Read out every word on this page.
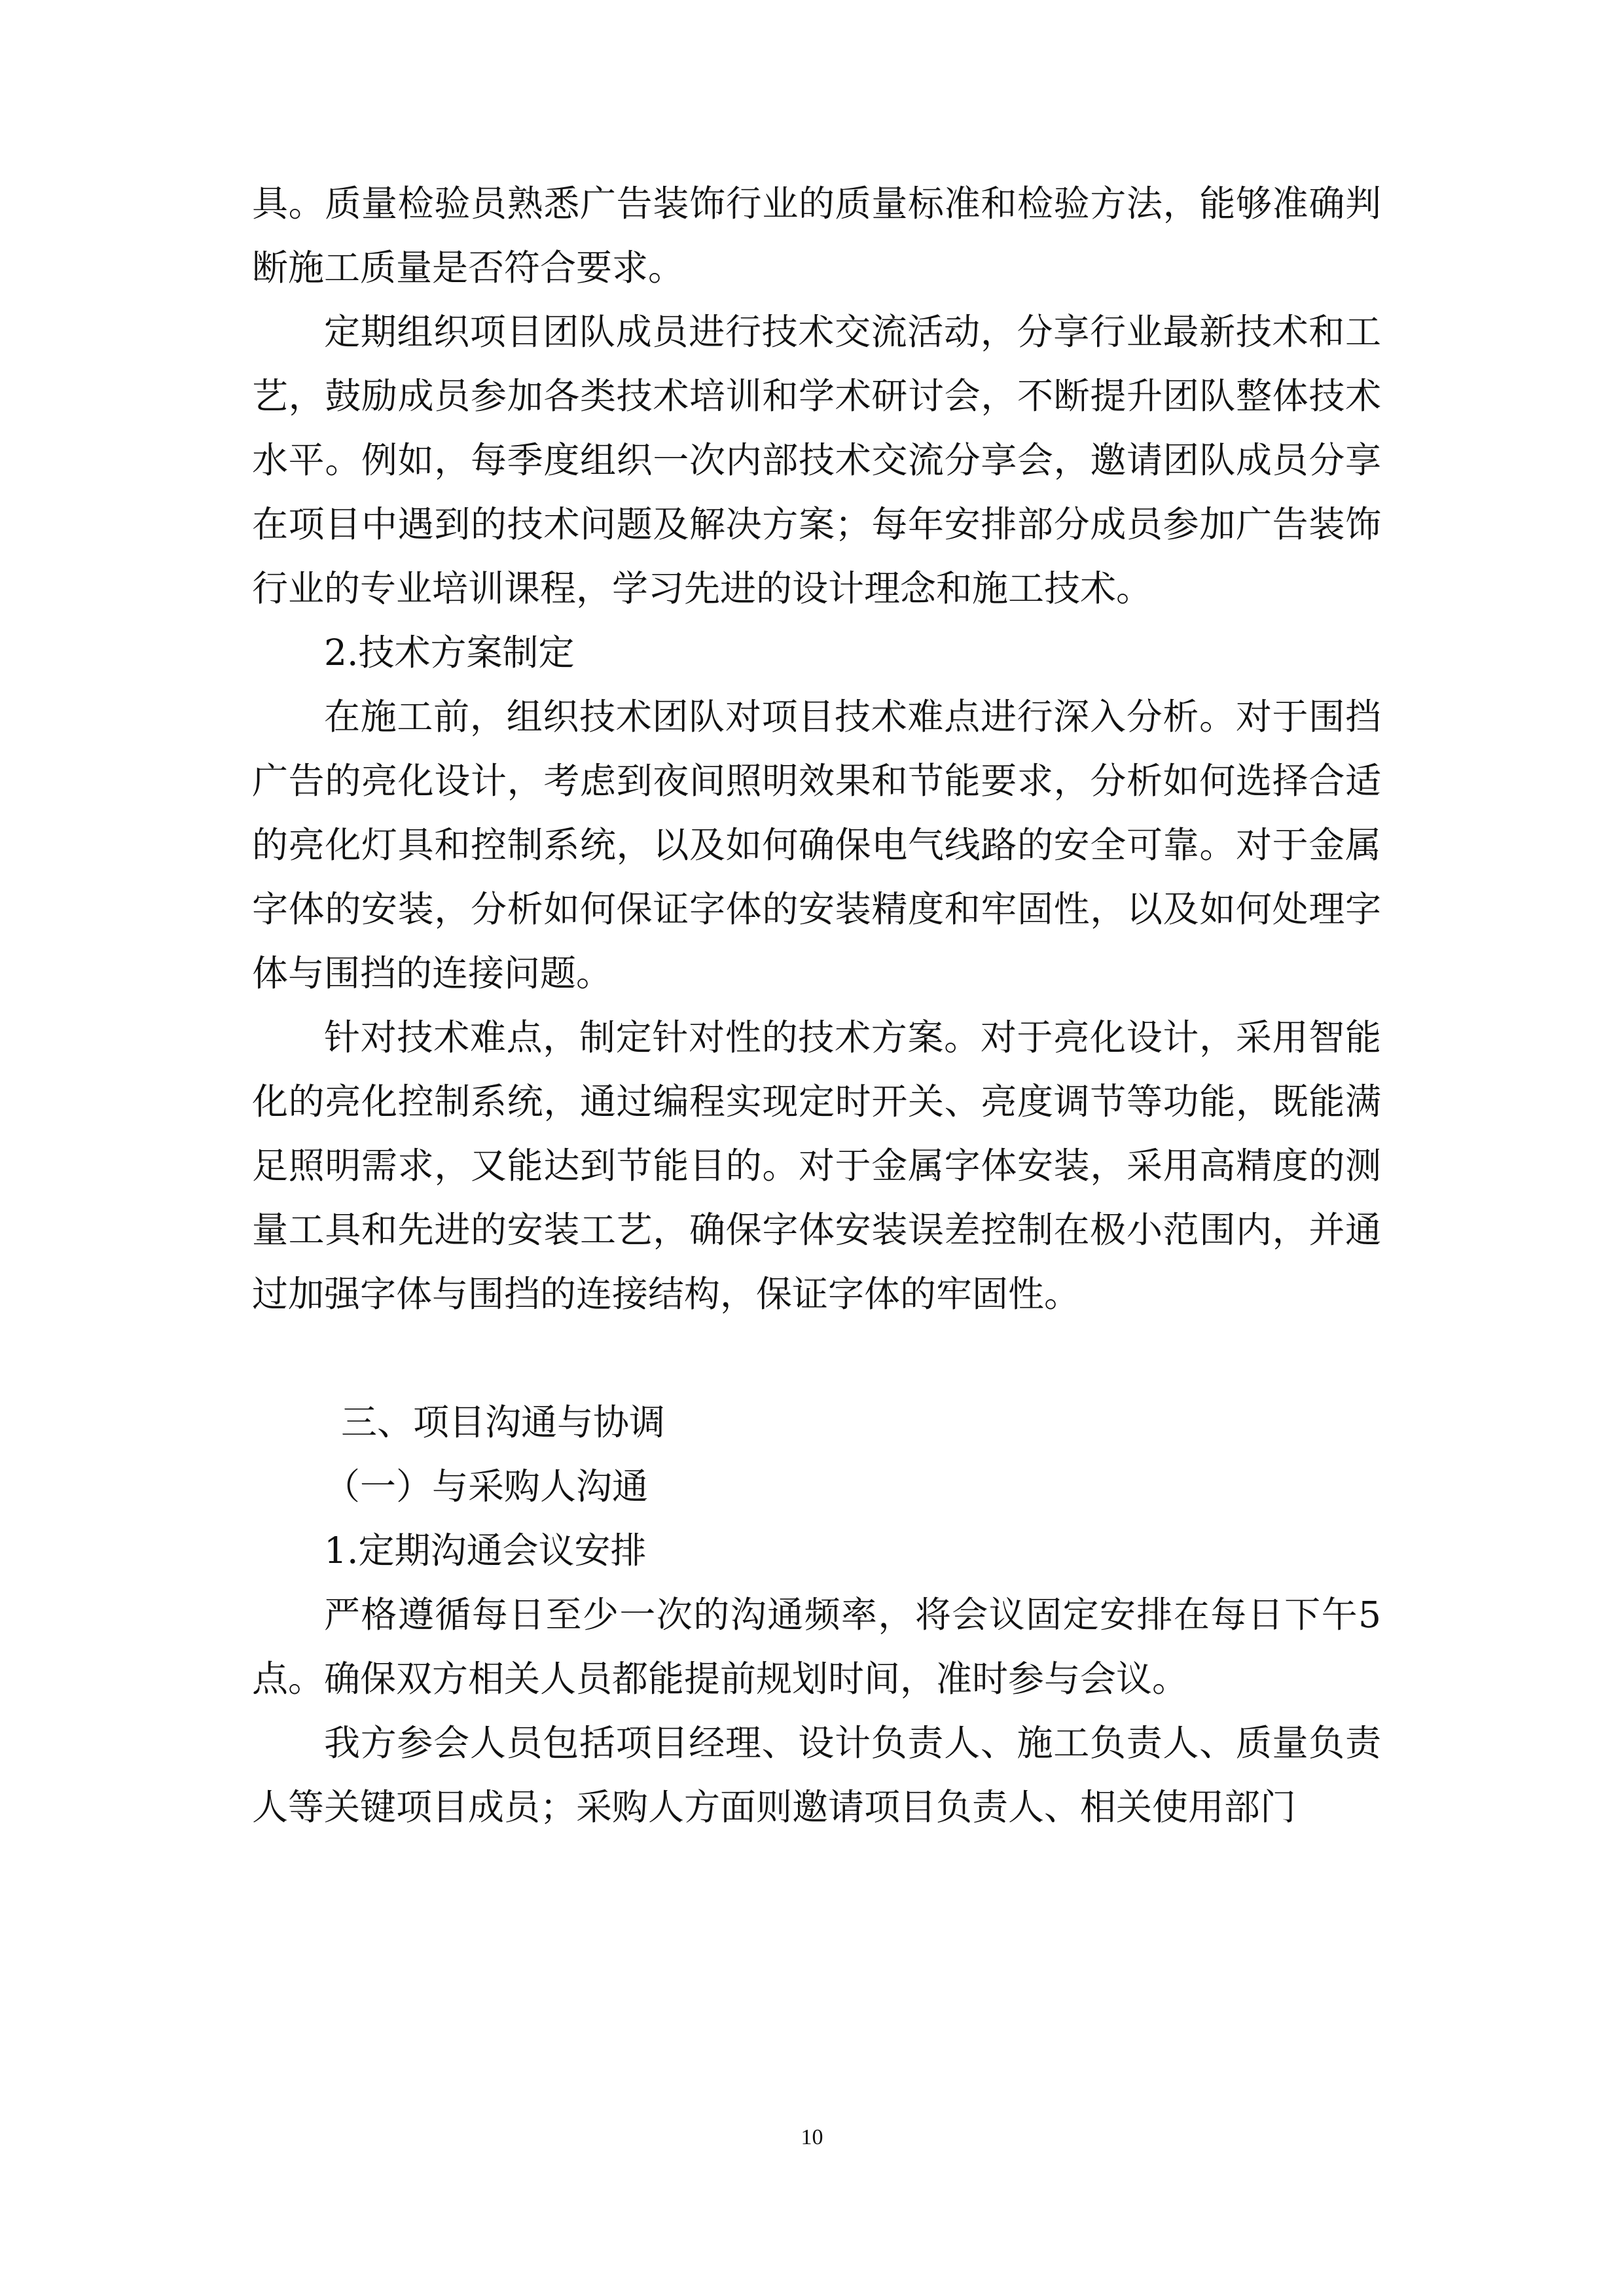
具。质量检验员熟悉广告装饰行业的质量标准和检验方法，能够准确判断施工质量是否符合要求。

定期组织项目团队成员进行技术交流活动，分享行业最新技术和工艺，鼓励成员参加各类技术培训和学术研讨会，不断提升团队整体技术水平。例如，每季度组织一次内部技术交流分享会，邀请团队成员分享在项目中遇到的技术问题及解决方案；每年安排部分成员参加广告装饰行业的专业培训课程，学习先进的设计理念和施工技术。

2.技术方案制定

在施工前，组织技术团队对项目技术难点进行深入分析。对于围挡广告的亮化设计，考虑到夜间照明效果和节能要求，分析如何选择合适的亮化灯具和控制系统，以及如何确保电气线路的安全可靠。对于金属字体的安装，分析如何保证字体的安装精度和牢固性，以及如何处理字体与围挡的连接问题。

针对技术难点，制定针对性的技术方案。对于亮化设计，采用智能化的亮化控制系统，通过编程实现定时开关、亮度调节等功能，既能满足照明需求，又能达到节能目的。对于金属字体安装，采用高精度的测量工具和先进的安装工艺，确保字体安装误差控制在极小范围内，并通过加强字体与围挡的连接结构，保证字体的牢固性。

三、项目沟通与协调

（一）与采购人沟通

1.定期沟通会议安排

严格遵循每日至少一次的沟通频率，将会议固定安排在每日下午5点。确保双方相关人员都能提前规划时间，准时参与会议。

我方参会人员包括项目经理、设计负责人、施工负责人、质量负责人等关键项目成员；采购人方面则邀请项目负责人、相关使用部门

10
